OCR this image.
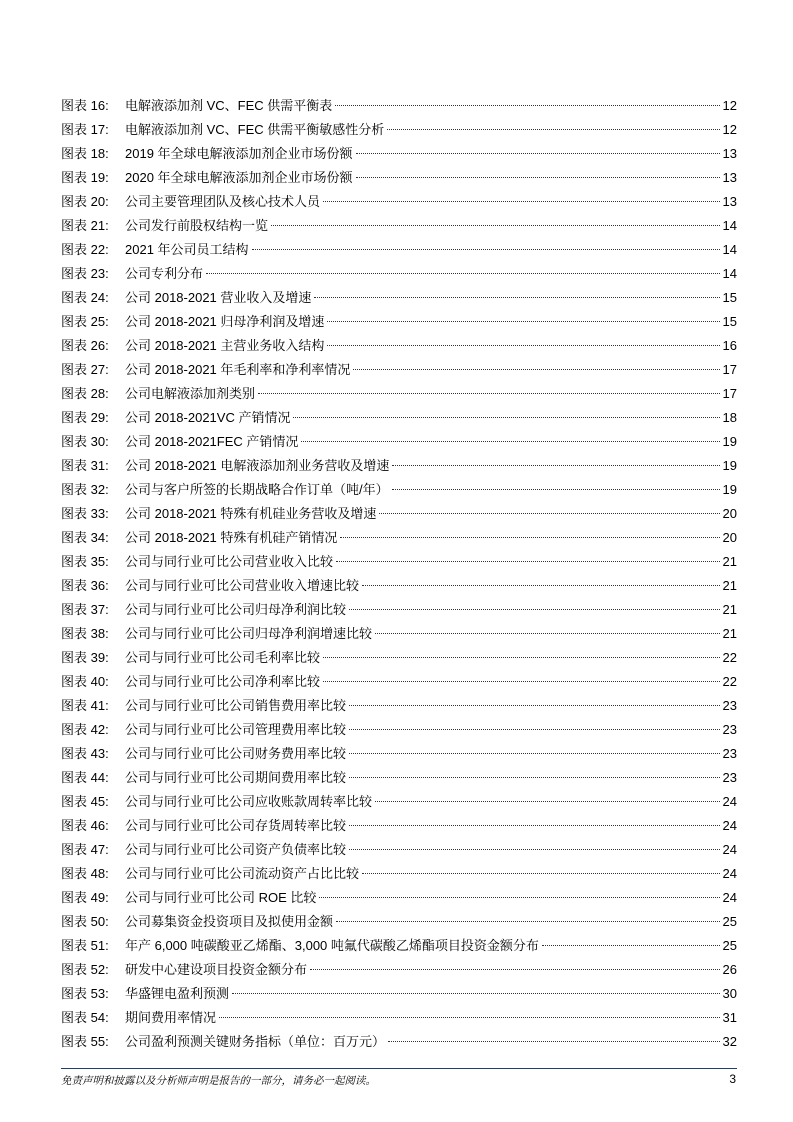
图表 16:	电解液添加剂 VC、FEC 供需平衡表	12
图表 17:	电解液添加剂 VC、FEC 供需平衡敏感性分析	12
图表 18:	2019 年全球电解液添加剂企业市场份额	13
图表 19:	2020 年全球电解液添加剂企业市场份额	13
图表 20:	公司主要管理团队及核心技术人员	13
图表 21:	公司发行前股权结构一览	14
图表 22:	2021 年公司员工结构	14
图表 23:	公司专利分布	14
图表 24:	公司 2018-2021 营业收入及增速	15
图表 25:	公司 2018-2021 归母净利润及增速	15
图表 26:	公司 2018-2021 主营业务收入结构	16
图表 27:	公司 2018-2021 年毛利率和净利率情况	17
图表 28:	公司电解液添加剂类别	17
图表 29:	公司 2018-2021VC 产销情况	18
图表 30:	公司 2018-2021FEC 产销情况	19
图表 31:	公司 2018-2021 电解液添加剂业务营收及增速	19
图表 32:	公司与客户所签的长期战略合作订单（吨/年）	19
图表 33:	公司 2018-2021 特殊有机硅业务营收及增速	20
图表 34:	公司 2018-2021 特殊有机硅产销情况	20
图表 35:	公司与同行业可比公司营业收入比较	21
图表 36:	公司与同行业可比公司营业收入增速比较	21
图表 37:	公司与同行业可比公司归母净利润比较	21
图表 38:	公司与同行业可比公司归母净利润增速比较	21
图表 39:	公司与同行业可比公司毛利率比较	22
图表 40:	公司与同行业可比公司净利率比较	22
图表 41:	公司与同行业可比公司销售费用率比较	23
图表 42:	公司与同行业可比公司管理费用率比较	23
图表 43:	公司与同行业可比公司财务费用率比较	23
图表 44:	公司与同行业可比公司期间费用率比较	23
图表 45:	公司与同行业可比公司应收账款周转率比较	24
图表 46:	公司与同行业可比公司存货周转率比较	24
图表 47:	公司与同行业可比公司资产负债率比较	24
图表 48:	公司与同行业可比公司流动资产占比比较	24
图表 49:	公司与同行业可比公司 ROE 比较	24
图表 50:	公司募集资金投资项目及拟使用金额	25
图表 51:	年产 6,000 吨碳酸亚乙烯酯、3,000 吨氟代碳酸乙烯酯项目投资金额分布	25
图表 52:	研发中心建设项目投资金额分布	26
图表 53:	华盛锂电盈利预测	30
图表 54:	期间费用率情况	31
图表 55:	公司盈利预测关键财务指标（单位：百万元）	32
免责声明和披露以及分析师声明是报告的一部分，请务必一起阅读。	3
